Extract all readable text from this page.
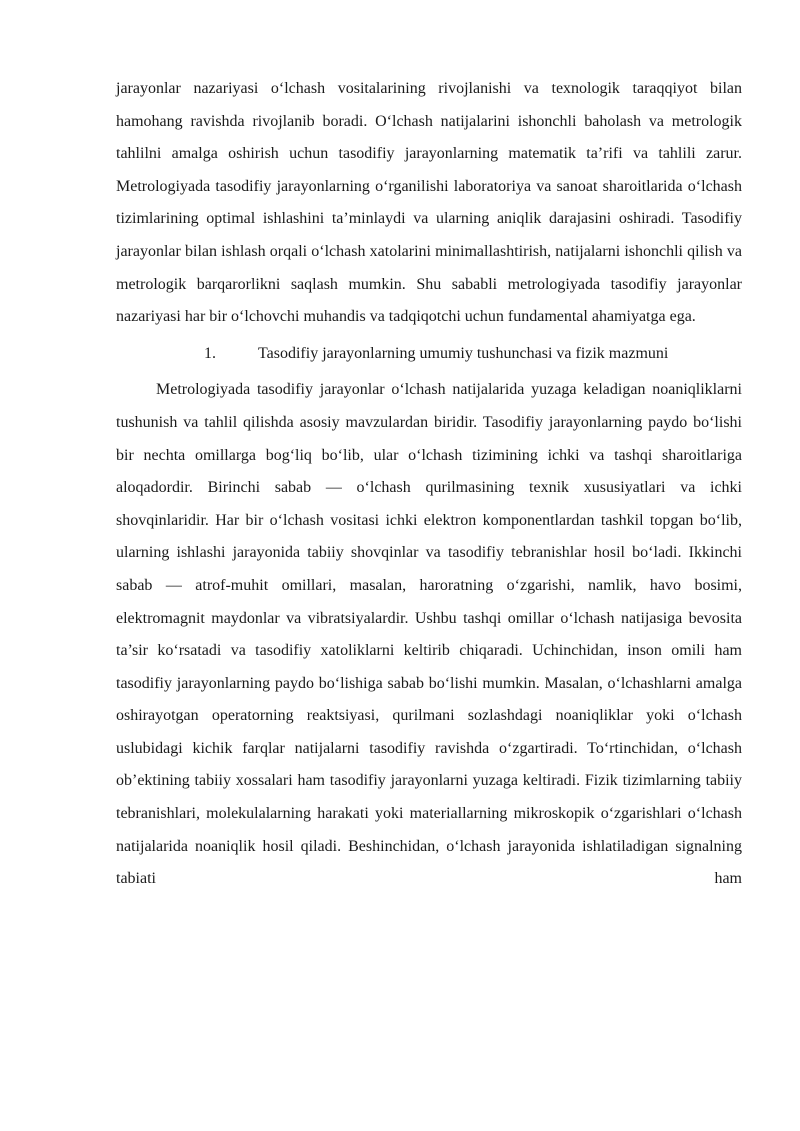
jarayonlar nazariyasi oʻlchash vositalarining rivojlanishi va texnologik taraqqiyot bilan hamohang ravishda rivojlanib boradi. Oʻlchash natijalarini ishonchli baholash va metrologik tahlilni amalga oshirish uchun tasodifiy jarayonlarning matematik ta’rifi va tahlili zarur. Metrologiyada tasodifiy jarayonlarning oʻrganilishi laboratoriya va sanoat sharoitlarida oʻlchash tizimlarining optimal ishlashini ta’minlaydi va ularning aniqlik darajasini oshiradi. Tasodifiy jarayonlar bilan ishlash orqali oʻlchash xatolarini minimallashtirish, natijalarni ishonchli qilish va metrologik barqarorlikni saqlash mumkin. Shu sababli metrologiyada tasodifiy jarayonlar nazariyasi har bir oʻlchovchi muhandis va tadqiqotchi uchun fundamental ahamiyatga ega.

1.	Tasodifiy jarayonlarning umumiy tushunchasi va fizik mazmuni

Metrologiyada tasodifiy jarayonlar oʻlchash natijalarida yuzaga keladigan noaniqliklarni tushunish va tahlil qilishda asosiy mavzulardan biridir. Tasodifiy jarayonlarning paydo boʻlishi bir nechta omillarga bogʻliq boʻlib, ular oʻlchash tizimining ichki va tashqi sharoitlariga aloqadordir. Birinchi sabab — oʻlchash qurilmasining texnik xususiyatlari va ichki shovqinlaridir. Har bir oʻlchash vositasi ichki elektron komponentlardan tashkil topgan boʻlib, ularning ishlashi jarayonida tabiiy shovqinlar va tasodifiy tebranishlar hosil boʻladi. Ikkinchi sabab — atrof-muhit omillari, masalan, haroratning oʻzgarishi, namlik, havo bosimi, elektromagnit maydonlar va vibratsiyalardir. Ushbu tashqi omillar oʻlchash natijasiga bevosita ta’sir koʻrsatadi va tasodifiy xatoliklarni keltirib chiqaradi. Uchinchidan, inson omili ham tasodifiy jarayonlarning paydo boʻlishiga sabab boʻlishi mumkin. Masalan, oʻlchashlarni amalga oshirayotgan operatorning reaktsiyasi, qurilmani sozlashdagi noaniqliklar yoki oʻlchash uslubidagi kichik farqlar natijalarni tasodifiy ravishda oʻzgartiradi. Toʻrtinchidan, oʻlchash ob’ektining tabiiy xossalari ham tasodifiy jarayonlarni yuzaga keltiradi. Fizik tizimlarning tabiiy tebranishlari, molekulalarning harakati yoki materiallarning mikroskopik oʻzgarishlari oʻlchash natijalarida noaniqlik hosil qiladi. Beshinchidan, oʻlchash jarayonida ishlatiladigan signalning tabiati ham
